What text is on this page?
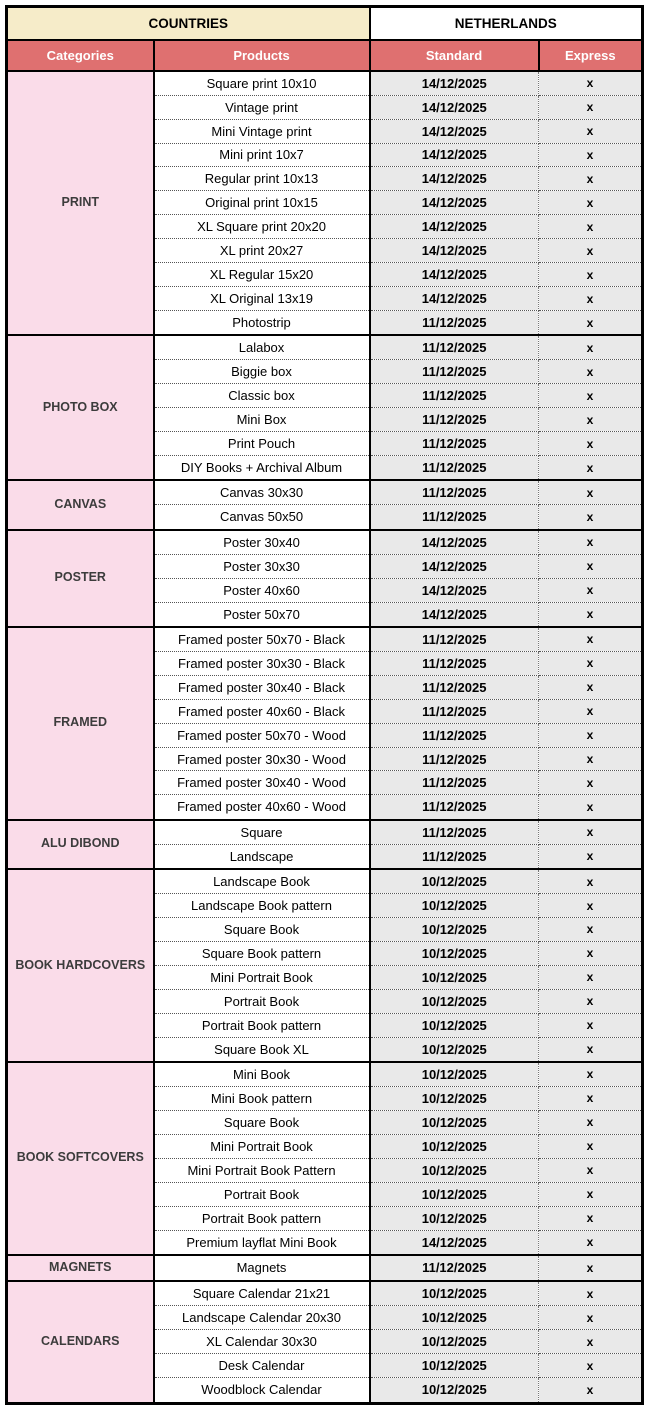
COUNTRIES		NETHERLANDS	
Categories	Products	Standard	Express
PRINT	Square print 10x10	14/12/2025	x
	Vintage print	14/12/2025	x
	Mini Vintage print	14/12/2025	x
	Mini print 10x7	14/12/2025	x
	Regular print 10x13	14/12/2025	x
	Original print 10x15	14/12/2025	x
	XL Square print 20x20	14/12/2025	x
	XL print 20x27	14/12/2025	x
	XL Regular 15x20	14/12/2025	x
	XL Original 13x19	14/12/2025	x
	Photostrip	11/12/2025	x
PHOTO BOX	Lalabox	11/12/2025	x
	Biggie box	11/12/2025	x
	Classic box	11/12/2025	x
	Mini Box	11/12/2025	x
	Print Pouch	11/12/2025	x
	DIY Books + Archival Album	11/12/2025	x
CANVAS	Canvas 30x30	11/12/2025	x
	Canvas 50x50	11/12/2025	x
POSTER	Poster 30x40	14/12/2025	x
	Poster 30x30	14/12/2025	x
	Poster 40x60	14/12/2025	x
	Poster 50x70	14/12/2025	x
FRAMED	Framed poster 50x70 - Black	11/12/2025	x
	Framed poster 30x30 - Black	11/12/2025	x
	Framed poster 30x40 - Black	11/12/2025	x
	Framed poster 40x60 - Black	11/12/2025	x
	Framed poster 50x70 - Wood	11/12/2025	x
	Framed poster 30x30 - Wood	11/12/2025	x
	Framed poster 30x40 - Wood	11/12/2025	x
	Framed poster 40x60 - Wood	11/12/2025	x
ALU DIBOND	Square	11/12/2025	x
	Landscape	11/12/2025	x
BOOK HARDCOVERS	Landscape Book	10/12/2025	x
	Landscape Book pattern	10/12/2025	x
	Square Book	10/12/2025	x
	Square Book pattern	10/12/2025	x
	Mini Portrait Book	10/12/2025	x
	Portrait Book	10/12/2025	x
	Portrait Book pattern	10/12/2025	x
	Square Book XL	10/12/2025	x
BOOK SOFTCOVERS	Mini Book	10/12/2025	x
	Mini Book pattern	10/12/2025	x
	Square Book	10/12/2025	x
	Mini Portrait Book	10/12/2025	x
	Mini Portrait Book Pattern	10/12/2025	x
	Portrait Book	10/12/2025	x
	Portrait Book pattern	10/12/2025	x
	Premium layflat Mini Book	14/12/2025	x
MAGNETS	Magnets	11/12/2025	x
CALENDARS	Square Calendar 21x21	10/12/2025	x
	Landscape Calendar 20x30	10/12/2025	x
	XL Calendar 30x30	10/12/2025	x
	Desk Calendar	10/12/2025	x
	Woodblock Calendar	10/12/2025	x
